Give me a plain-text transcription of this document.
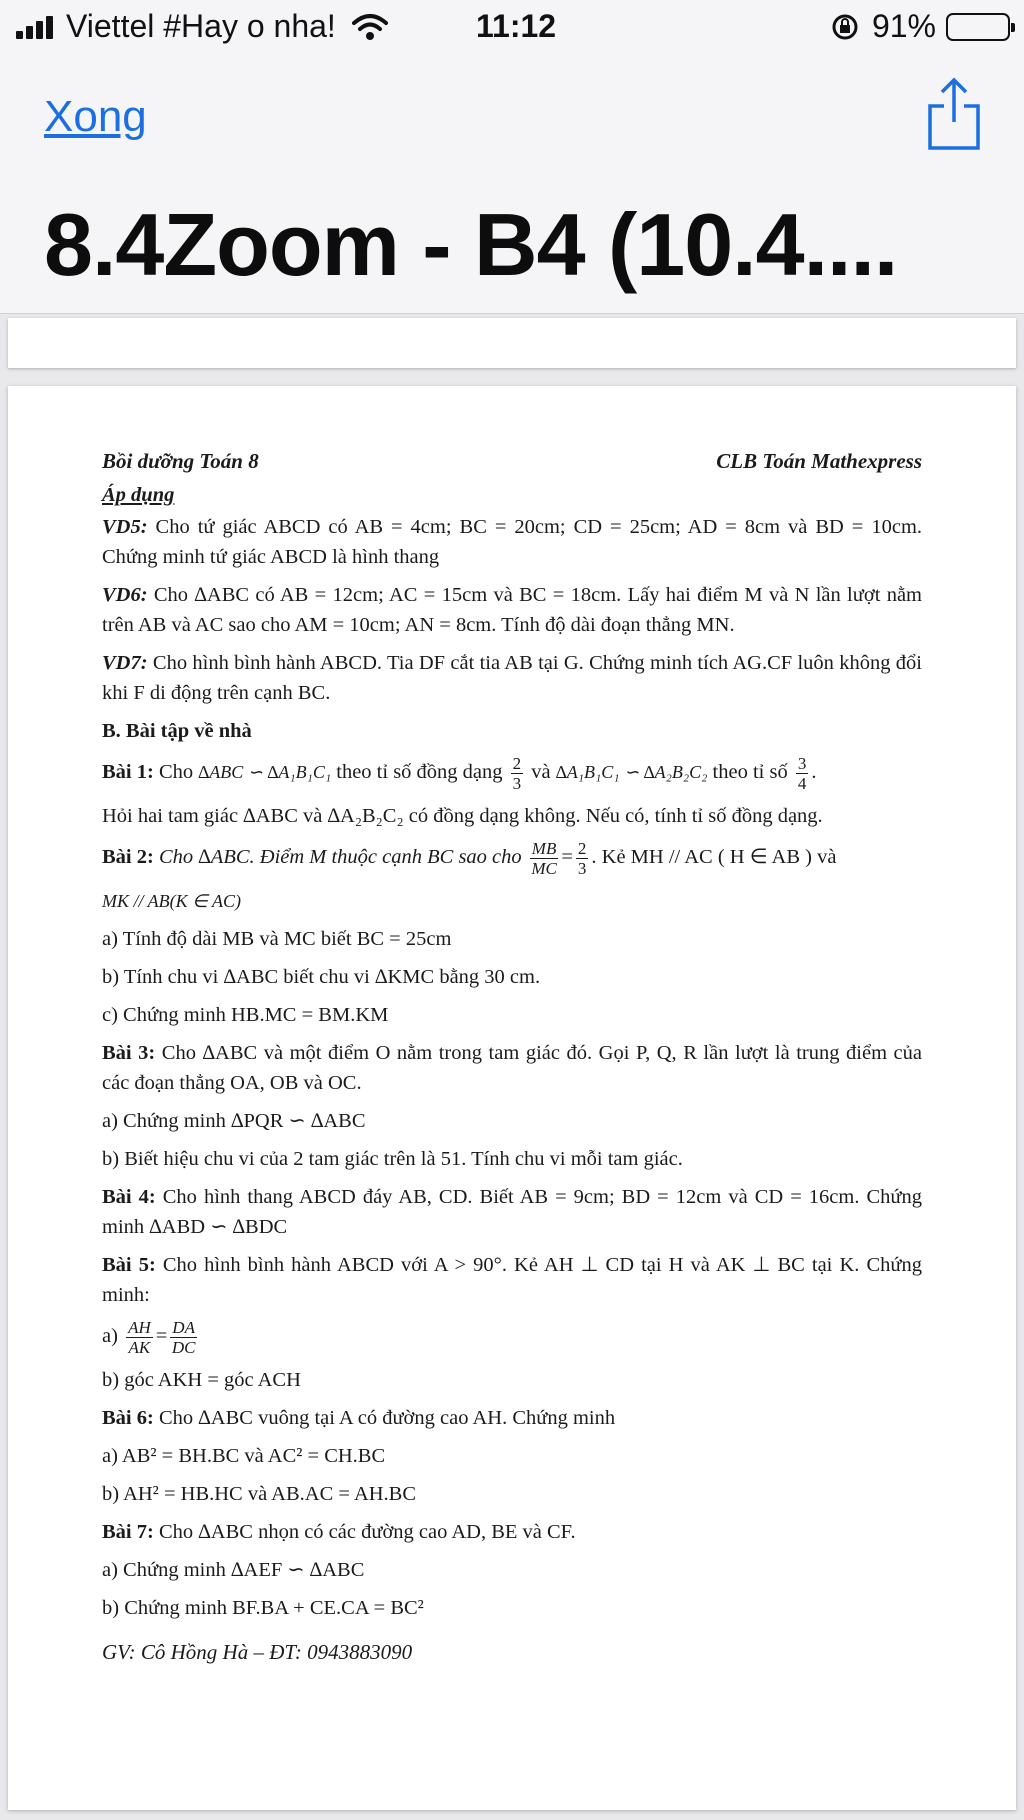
Viettel #Hay o nha!	11:12	91%
Xong
8.4Zoom - B4 (10.4....
Bồi dưỡng Toán 8	CLB Toán Mathexpress
Áp dụng
VD5: Cho tứ giác ABCD có AB = 4cm; BC = 20cm; CD = 25cm; AD = 8cm và BD = 10cm. Chứng minh tứ giác ABCD là hình thang
VD6: Cho ∆ABC có AB = 12cm; AC = 15cm và BC = 18cm. Lấy hai điểm M và N lần lượt nằm trên AB và AC sao cho AM = 10cm; AN = 8cm. Tính độ dài đoạn thẳng MN.
VD7: Cho hình bình hành ABCD. Tia DF cắt tia AB tại G. Chứng minh tích AG.CF luôn không đổi khi F di động trên cạnh BC.
B. Bài tập về nhà
Bài 1: Cho ∆ABC ∽ ∆A₁B₁C₁ theo tỉ số đồng dạng $\frac{2}{3}$ và ∆A₁B₁C₁ ∽ ∆A₂B₂C₂ theo tỉ số $\frac{3}{4}$ .
Hỏi hai tam giác ∆ABC và ∆A₂B₂C₂ có đồng dạng không. Nếu có, tính tỉ số đồng dạng.
Bài 2: Cho ∆ABC. Điểm M thuộc cạnh BC sao cho $\frac{MB}{MC} = \frac{2}{3}$ . Kẻ MH // AC ( H ∈ AB ) và
MK // AB(K ∈ AC)
a) Tính độ dài MB và MC biết BC = 25cm
b) Tính chu vi ∆ABC biết chu vi ∆KMC bằng 30 cm.
c) Chứng minh HB.MC = BM.KM
Bài 3: Cho ∆ABC và một điểm O nằm trong tam giác đó. Gọi P, Q, R lần lượt là trung điểm của các đoạn thẳng OA, OB và OC.
a) Chứng minh ∆PQR ∽ ∆ABC
b) Biết hiệu chu vi của 2 tam giác trên là 51. Tính chu vi mỗi tam giác.
Bài 4: Cho hình thang ABCD đáy AB, CD. Biết AB = 9cm; BD = 12cm và CD = 16cm. Chứng minh ∆ABD ∽ ∆BDC
Bài 5: Cho hình bình hành ABCD với A > 90°. Kẻ AH ⊥ CD tại H và AK ⊥ BC tại K. Chứng minh:
$a) \frac{AH}{AK} = \frac{DA}{DC}$
b) góc AKH = góc ACH
Bài 6: Cho ∆ABC vuông tại A có đường cao AH. Chứng minh
a) AB² = BH.BC và AC² = CH.BC
b) AH² = HB.HC và AB.AC = AH.BC
Bài 7: Cho ∆ABC nhọn có các đường cao AD, BE và CF.
a) Chứng minh ∆AEF ∽ ∆ABC
b) Chứng minh BF.BA + CE.CA = BC²
GV: Cô Hồng Hà – ĐT: 0943883090
